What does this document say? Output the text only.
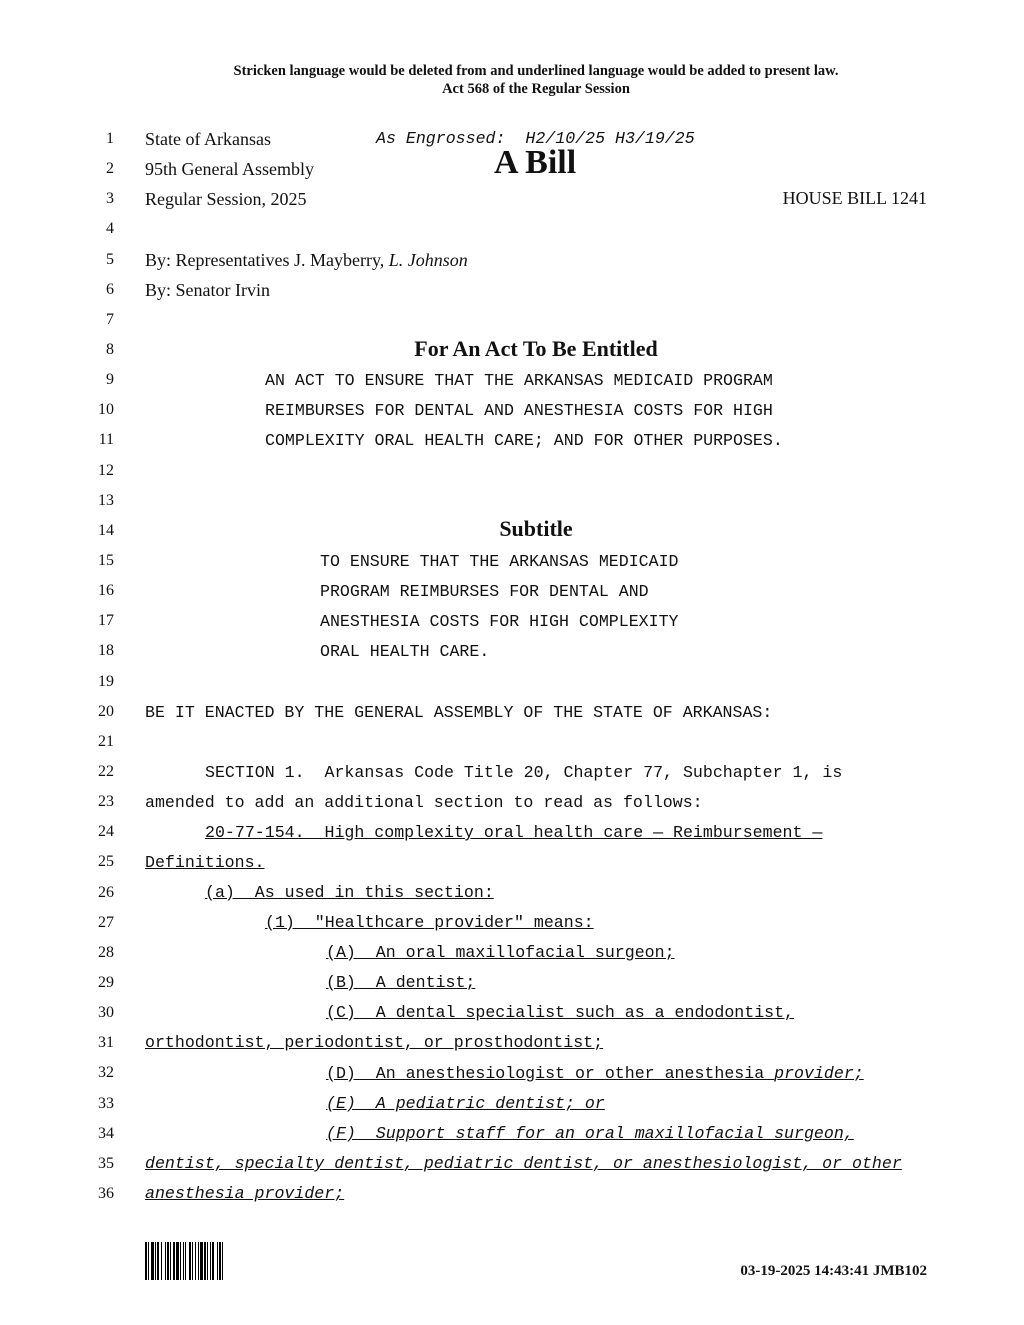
Stricken language would be deleted from and underlined language would be added to present law.
Act 568 of the Regular Session
1
2
3
4
5
6
7
8
9
10
11
12
13
14
15
16
17
18
19
20
21
22
23
24
25
26
27
28
29
30
31
32
33
34
35
36
State of Arkansas	As Engrossed:  H2/10/25 H3/19/25
95th General Assembly	A Bill
Regular Session, 2025	HOUSE BILL 1241
By: Representatives J. Mayberry, L. Johnson
By: Senator Irvin
For An Act To Be Entitled
AN ACT TO ENSURE THAT THE ARKANSAS MEDICAID PROGRAM
REIMBURSES FOR DENTAL AND ANESTHESIA COSTS FOR HIGH
COMPLEXITY ORAL HEALTH CARE; AND FOR OTHER PURPOSES.
Subtitle
TO ENSURE THAT THE ARKANSAS MEDICAID
PROGRAM REIMBURSES FOR DENTAL AND
ANESTHESIA COSTS FOR HIGH COMPLEXITY
ORAL HEALTH CARE.
BE IT ENACTED BY THE GENERAL ASSEMBLY OF THE STATE OF ARKANSAS:
SECTION 1.  Arkansas Code Title 20, Chapter 77, Subchapter 1, is
amended to add an additional section to read as follows:
20-77-154.  High complexity oral health care — Reimbursement —
Definitions.
(a)  As used in this section:
(1)  "Healthcare provider" means:
(A)  An oral maxillofacial surgeon;
(B)  A dentist;
(C)  A dental specialist such as a endodontist,
orthodontist, periodontist, or prosthodontist;
(D)  An anesthesiologist or other anesthesia provider;
(E)  A pediatric dentist; or
(F)  Support staff for an oral maxillofacial surgeon,
dentist, specialty dentist, pediatric dentist, or anesthesiologist, or other
anesthesia provider;
03-19-2025 14:43:41 JMB102
